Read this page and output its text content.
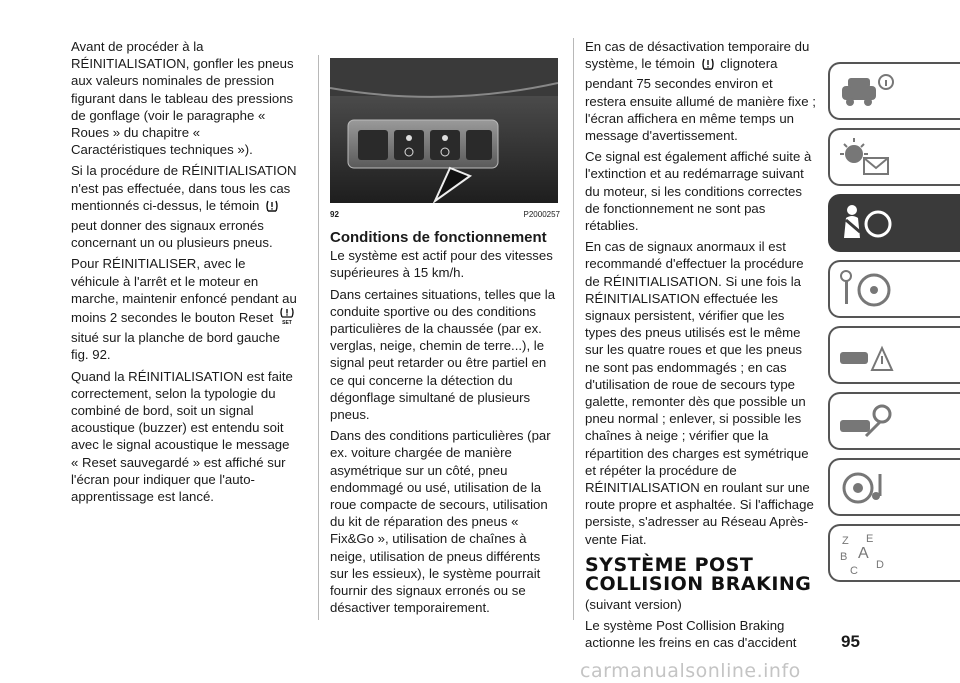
Avant de procéder à la RÉINITIALISATION, gonfler les pneus aux valeurs nominales de pression figurant dans le tableau des pressions de gonflage (voir le paragraphe « Roues » du chapitre « Caractéristiques techniques »).

Si la procédure de RÉINITIALISATION n'est pas effectuée, dans tous les cas mentionnés ci-dessus, le témoin  peut donner des signaux erronés concernant un ou plusieurs pneus.

Pour RÉINITIALISER, avec le véhicule à l'arrêt et le moteur en marche, maintenir enfoncé pendant au moins 2 secondes le bouton Reset SET
situé sur la planche de bord gauche fig. 92.

Quand la RÉINITIALISATION est faite correctement, selon la typologie du combiné de bord, soit un signal acoustique (buzzer) est entendu soit avec le signal acoustique le message « Reset sauvegardé » est affiché sur l'écran pour indiquer que l'auto-apprentissage est lancé.

92	P2000257
Conditions de fonctionnement

Le système est actif pour des vitesses supérieures à 15 km/h.

Dans certaines situations, telles que la conduite sportive ou des conditions particulières de la chaussée (par ex. verglas, neige, chemin de terre...), le signal peut retarder ou être partiel en ce qui concerne la détection du dégonflage simultané de plusieurs pneus.

Dans des conditions particulières (par ex. voiture chargée de manière asymétrique sur un côté, pneu endommagé ou usé, utilisation de la roue compacte de secours, utilisation du kit de réparation des pneus « Fix&Go », utilisation de chaînes à neige, utilisation de pneus différents sur les essieux), le système pourrait fournir des signaux erronés ou se désactiver temporairement.

En cas de désactivation temporaire du système, le témoin clignotera pendant 75 secondes environ et restera ensuite allumé de manière fixe ; l'écran affichera en même temps un message d'avertissement.

Ce signal est également affiché suite à l'extinction et au redémarrage suivant du moteur, si les conditions correctes de fonctionnement ne sont pas rétablies.

En cas de signaux anormaux il est recommandé d'effectuer la procédure de RÉINITIALISATION. Si une fois la RÉINITIALISATION effectuée les signaux persistent, vérifier que les types des pneus utilisés est le même sur les quatre roues et que les pneus ne sont pas endommagés ; en cas d'utilisation de roue de secours type galette, remonter dès que possible un pneu normal ; enlever, si possible les chaînes à neige ; vérifier que la répartition des charges est symétrique et répéter la procédure de RÉINITIALISATION en roulant sur une route propre et asphaltée. Si l'affichage persiste, s'adresser au Réseau Après-vente Fiat.

SYSTÈME POST
COLLISION BRAKING

(suivant version)

Le système Post Collision Braking actionne les freins en cas d'accident

Z E
B A
C D
95
carmanualsonline.info
